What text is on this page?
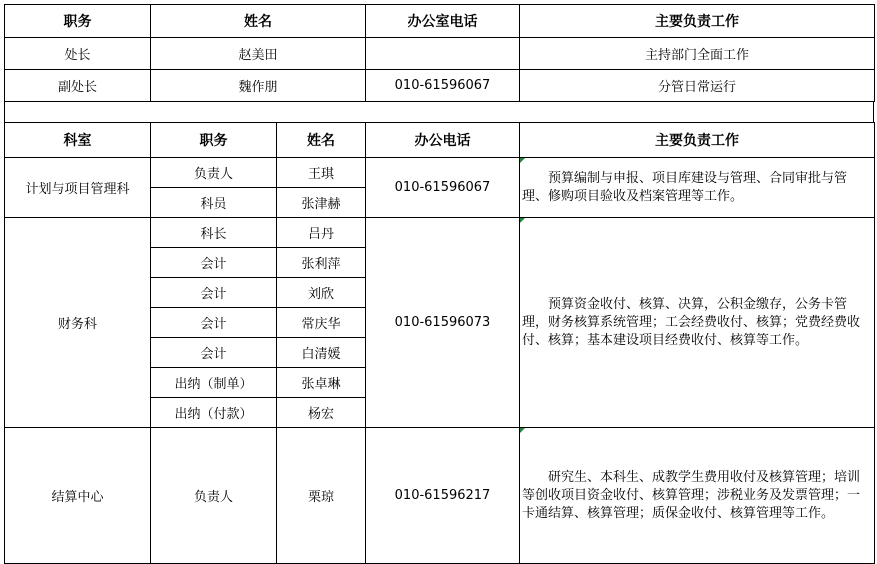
职务	姓名	办公室电话	主要负责工作
处长	赵美田		主持部门全面工作
副处长	魏作朋	010-61596067	分管日常运行
科室	职务	姓名	办公电话	主要负责工作
计划与项目管理科	负责人	王琪	010-61596067	预算编制与申报、项目库建设与管理、合同审批与管理、修购项目验收及档案管理等工作。

	科员	张津赫		
财务科	科长	吕丹	010-61596073	预算资金收付、核算、决算，公积金缴存，公务卡管理，财务核算系统管理；工会经费收付、核算；党费经费收付、核算；基本建设项目经费收付、核算等工作。

	会计	张利萍		
	会计	刘欣		
	会计	常庆华		
	会计	白清媛		
	出纳（制单）	张卓琳		
	出纳（付款）	杨宏		
结算中心	负责人	栗琼	010-61596217	研究生、本科生、成教学生费用收付及核算管理；培训等创收项目资金收付、核算管理；涉税业务及发票管理；一卡通结算、核算管理；质保金收付、核算管理等工作。
